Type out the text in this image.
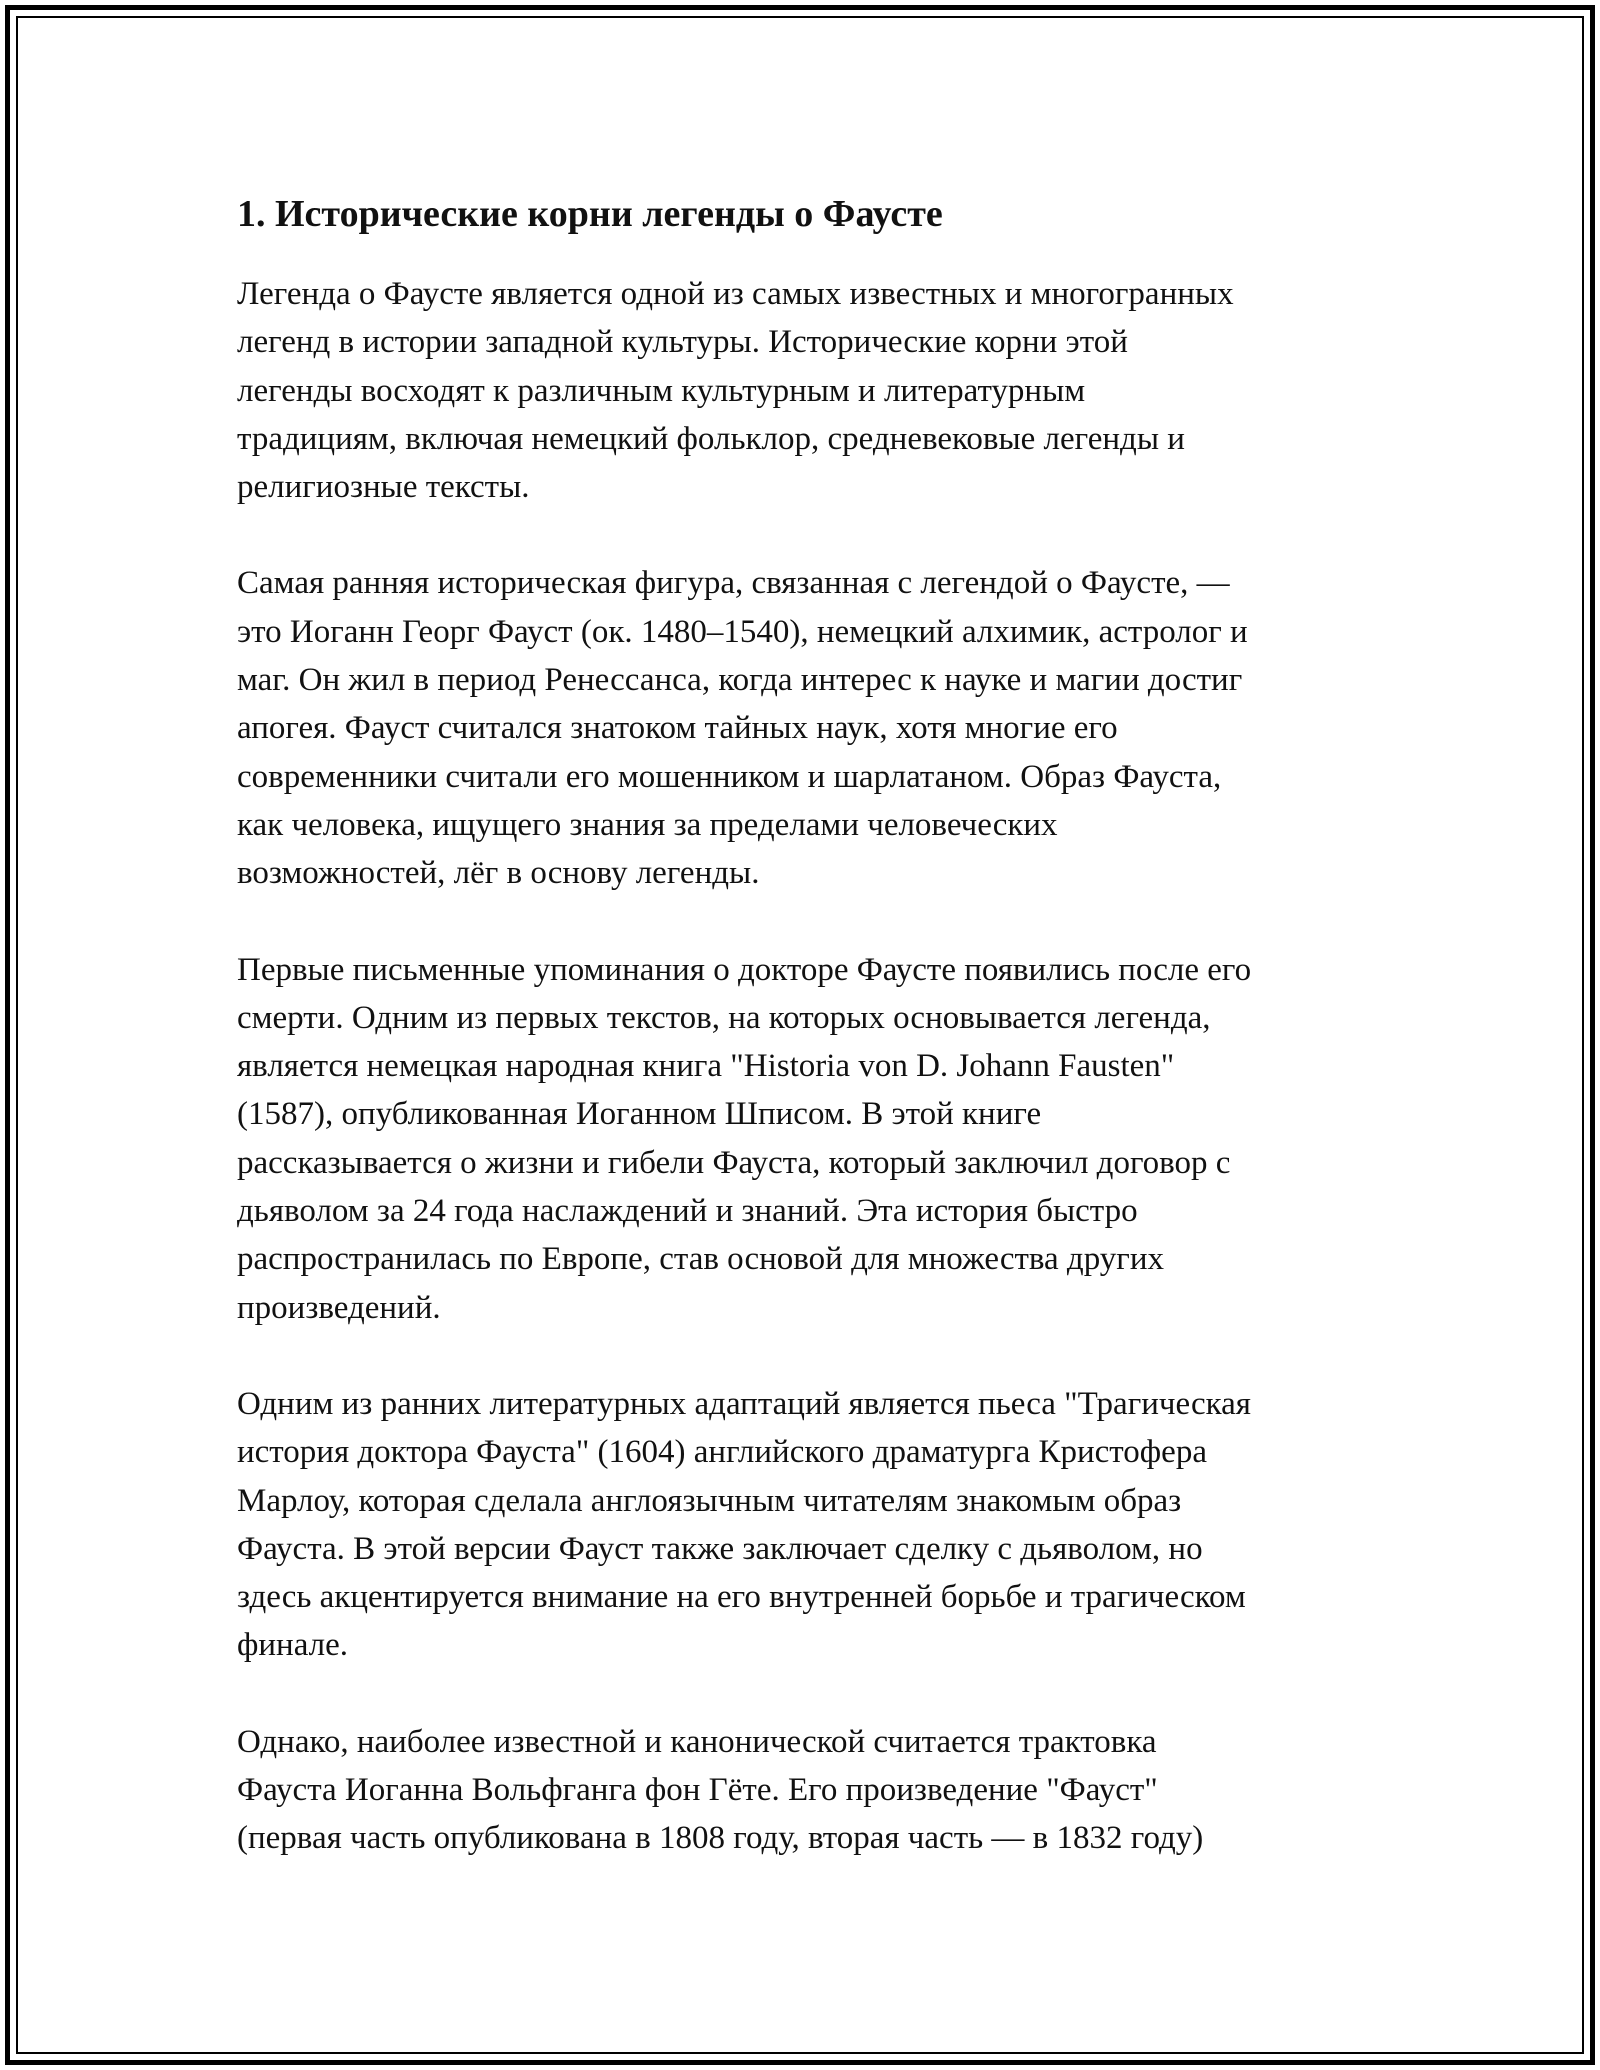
1. Исторические корни легенды о Фаусте

Легенда о Фаусте является одной из самых известных и многогранных
легенд в истории западной культуры. Исторические корни этой
легенды восходят к различным культурным и литературным
традициям, включая немецкий фольклор, средневековые легенды и
религиозные тексты.

Самая ранняя историческая фигура, связанная с легендой о Фаусте, —
это Иоганн Георг Фауст (ок. 1480–1540), немецкий алхимик, астролог и
маг. Он жил в период Ренессанса, когда интерес к науке и магии достиг
апогея. Фауст считался знатоком тайных наук, хотя многие его
современники считали его мошенником и шарлатаном. Образ Фауста,
как человека, ищущего знания за пределами человеческих
возможностей, лёг в основу легенды.

Первые письменные упоминания о докторе Фаусте появились после его
смерти. Одним из первых текстов, на которых основывается легенда,
является немецкая народная книга "Historia von D. Johann Fausten"
(1587), опубликованная Иоганном Шписом. В этой книге
рассказывается о жизни и гибели Фауста, который заключил договор с
дьяволом за 24 года наслаждений и знаний. Эта история быстро
распространилась по Европе, став основой для множества других
произведений.

Одним из ранних литературных адаптаций является пьеса "Трагическая
история доктора Фауста" (1604) английского драматурга Кристофера
Марлоу, которая сделала англоязычным читателям знакомым образ
Фауста. В этой версии Фауст также заключает сделку с дьяволом, но
здесь акцентируется внимание на его внутренней борьбе и трагическом
финале.

Однако, наиболее известной и канонической считается трактовка
Фауста Иоганна Вольфганга фон Гёте. Его произведение "Фауст"
(первая часть опубликована в 1808 году, вторая часть — в 1832 году)
